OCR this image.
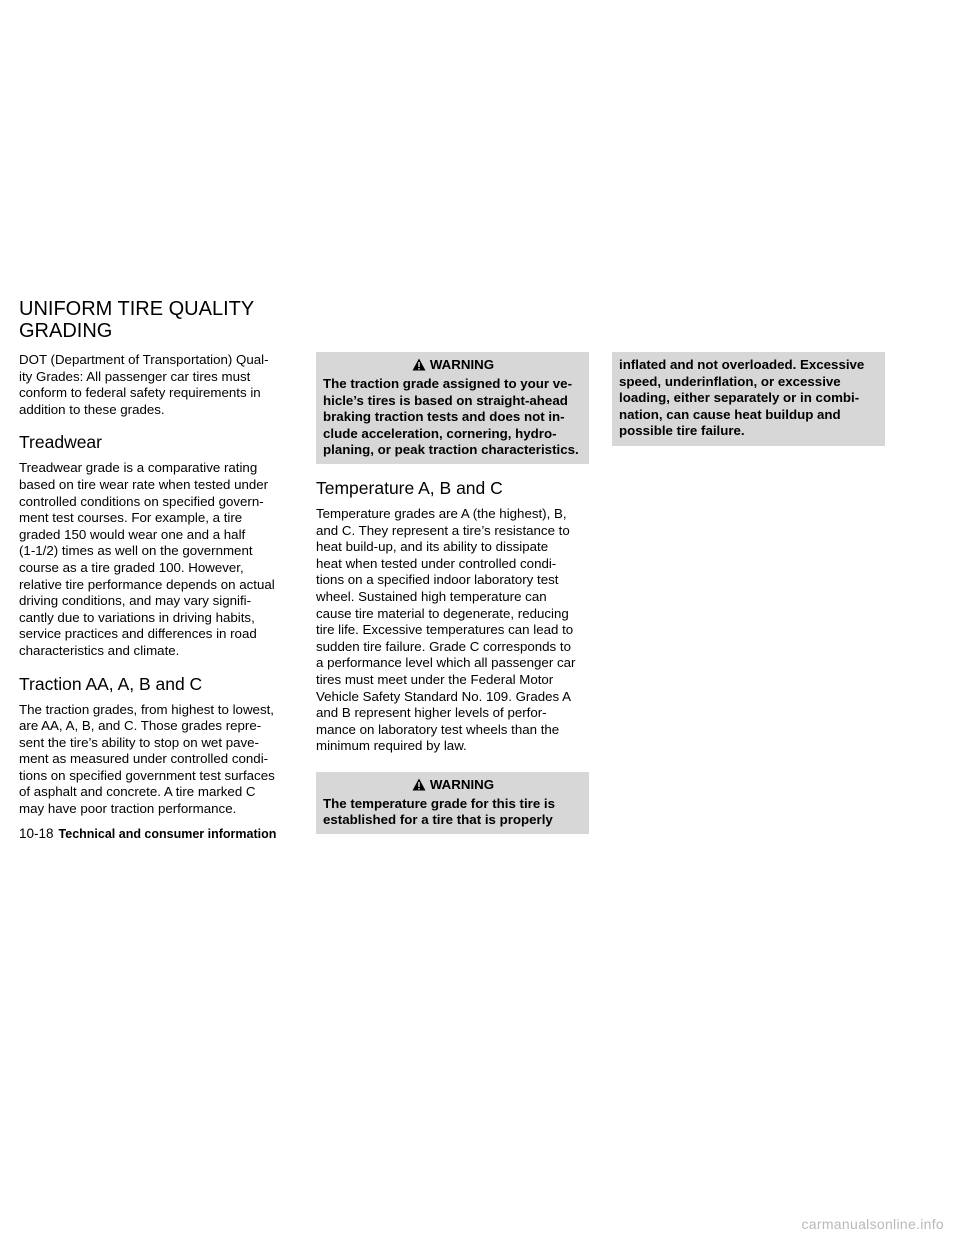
UNIFORM TIRE QUALITY
GRADING

DOT (Department of Transportation) Qual-
ity Grades: All passenger car tires must
conform to federal safety requirements in
addition to these grades.

Treadwear

Treadwear grade is a comparative rating
based on tire wear rate when tested under
controlled conditions on specified govern-
ment test courses. For example, a tire
graded 150 would wear one and a half
(1-1/2) times as well on the government
course as a tire graded 100. However,
relative tire performance depends on actual
driving conditions, and may vary signifi-
cantly due to variations in driving habits,
service practices and differences in road
characteristics and climate.

Traction AA, A, B and C

The traction grades, from highest to lowest,
are AA, A, B, and C. Those grades repre-
sent the tire’s ability to stop on wet pave-
ment as measured under controlled condi-
tions on specified government test surfaces
of asphalt and concrete. A tire marked C
may have poor traction performance.

WARNING

The traction grade assigned to your ve-
hicle’s tires is based on straight-ahead
braking traction tests and does not in-
clude acceleration, cornering, hydro-
planing, or peak traction characteristics.

Temperature A, B and C

Temperature grades are A (the highest), B,
and C. They represent a tire’s resistance to
heat build-up, and its ability to dissipate
heat when tested under controlled condi-
tions on a specified indoor laboratory test
wheel. Sustained high temperature can
cause tire material to degenerate, reducing
tire life. Excessive temperatures can lead to
sudden tire failure. Grade C corresponds to
a performance level which all passenger car
tires must meet under the Federal Motor
Vehicle Safety Standard No. 109. Grades A
and B represent higher levels of perfor-
mance on laboratory test wheels than the
minimum required by law.

WARNING

The temperature grade for this tire is
established for a tire that is properly

inflated and not overloaded. Excessive
speed, underinflation, or excessive
loading, either separately or in combi-
nation, can cause heat buildup and
possible tire failure.

10-18 Technical and consumer information
carmanualsonline.info
